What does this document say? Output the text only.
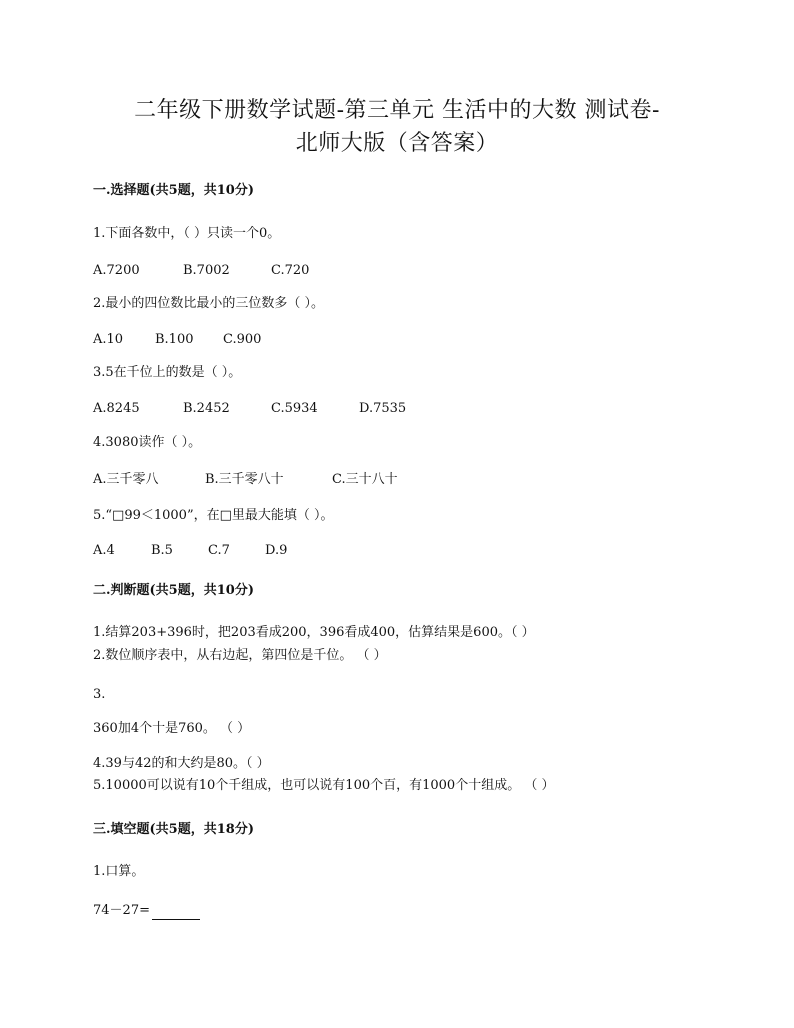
二年级下册数学试题-第三单元 生活中的大数 测试卷-
北师大版（含答案）
一.选择题(共5题，共10分)
1.下面各数中，（ ）只读一个0。
A.7200	B.7002	C.720
2.最小的四位数比最小的三位数多（ ）。
A.10 B.100 C.900
3.5在千位上的数是（ ）。
A.8245	B.2452	C.5934	D.7535
4.3080读作（ ）。
A.三千零八	B.三千零八十	C.三十八十
5.“□99＜1000”，在□里最大能填（ ）。
A.4	B.5	C.7	D.9
二.判断题(共5题，共10分)
1.结算203+396时，把203看成200，396看成400，估算结果是600。（ ）
2.数位顺序表中，从右边起，第四位是千位。 （ ）
3.
360加4个十是760。 （ ）
4.39与42的和大约是80。（ ）
5.10000可以说有10个千组成，也可以说有100个百，有1000个十组成。 （ ）
三.填空题(共5题，共18分)
1.口算。
74－27=
